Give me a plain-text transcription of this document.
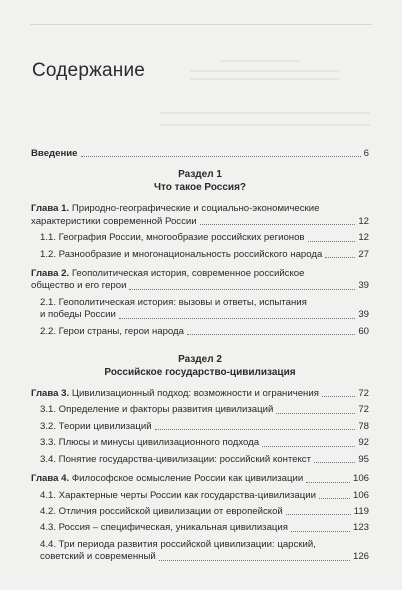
Содержание
Введение	6
Раздел 1
Что такое Россия?
Глава 1. Природно-географические и социально-экономические
характеристики современной России	12
1.1. География России, многообразие российских регионов	12
1.2. Разнообразие и многонациональность российского народа	27
Глава 2. Геополитическая история, современное российское
общество и его герои	39
2.1. Геополитическая история: вызовы и ответы, испытания
и победы России	39
2.2. Герои страны, герои народа	60
Раздел 2
Российское государство-цивилизация
Глава 3. Цивилизационный подход: возможности и ограничения	72
3.1. Определение и факторы развития цивилизаций	72
3.2. Теории цивилизаций	78
3.3. Плюсы и минусы цивилизационного подхода	92
3.4. Понятие государства-цивилизации: российский контекст	95
Глава 4. Философское осмысление России как цивилизации	106
4.1. Характерные черты России как государства-цивилизации	106
4.2. Отличия российской цивилизации от европейской	119
4.3. Россия – специфическая, уникальная цивилизация	123
4.4. Три периода развития российской цивилизации: царский,
советский и современный	126
